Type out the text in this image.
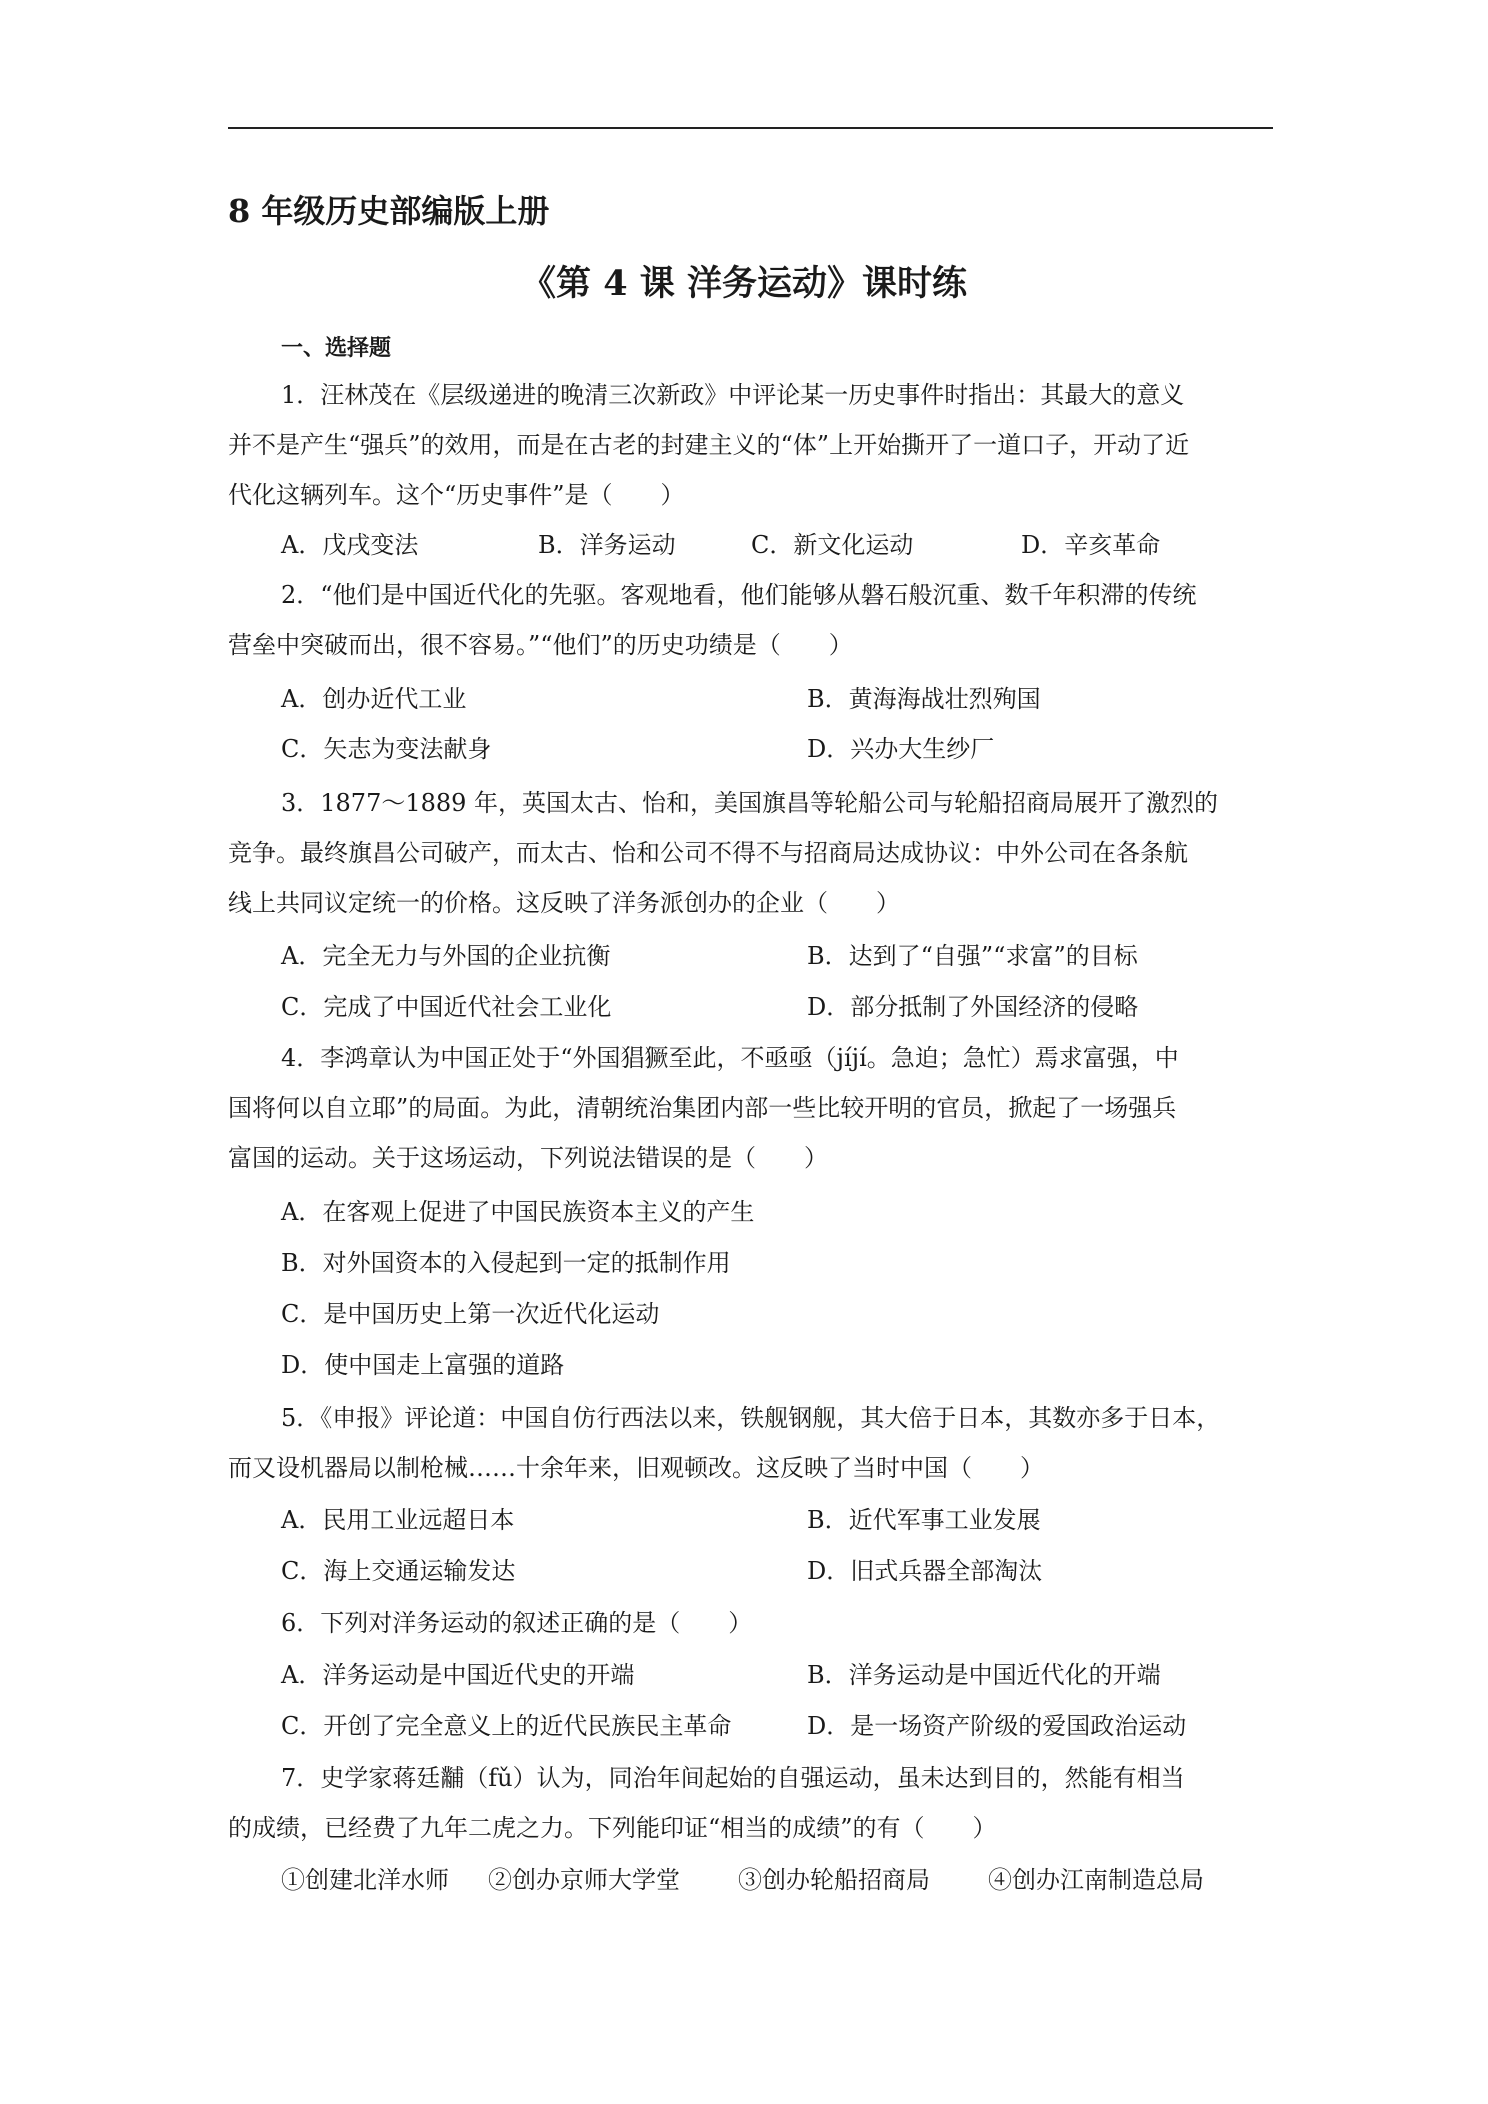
8 年级历史部编版上册
《第 4 课 洋务运动》课时练
一、选择题
1．汪林茂在《层级递进的晚清三次新政》中评论某一历史事件时指出：其最大的意义
并不是产生“强兵”的效用，而是在古老的封建主义的“体”上开始撕开了一道口子，开动了近
代化这辆列车。这个“历史事件”是（　　）
A．戊戌变法	B．洋务运动	C．新文化运动	D．辛亥革命
2．“他们是中国近代化的先驱。客观地看，他们能够从磐石般沉重、数千年积滞的传统
营垒中突破而出，很不容易。”“他们”的历史功绩是（　　）
A．创办近代工业	B．黄海海战壮烈殉国
C．矢志为变法献身	D．兴办大生纱厂
3．1877～1889 年，英国太古、怡和，美国旗昌等轮船公司与轮船招商局展开了激烈的
竞争。最终旗昌公司破产，而太古、怡和公司不得不与招商局达成协议：中外公司在各条航
线上共同议定统一的价格。这反映了洋务派创办的企业（　　）
A．完全无力与外国的企业抗衡	B．达到了“自强”“求富”的目标
C．完成了中国近代社会工业化	D．部分抵制了外国经济的侵略
4．李鸿章认为中国正处于“外国猖獗至此，不亟亟（jíjí。急迫；急忙）焉求富强，中
国将何以自立耶”的局面。为此，清朝统治集团内部一些比较开明的官员，掀起了一场强兵
富国的运动。关于这场运动，下列说法错误的是（　　）
A．在客观上促进了中国民族资本主义的产生
B．对外国资本的入侵起到一定的抵制作用
C．是中国历史上第一次近代化运动
D．使中国走上富强的道路
5．《申报》评论道：中国自仿行西法以来，铁舰钢舰，其大倍于日本，其数亦多于日本，
而又设机器局以制枪械……十余年来，旧观顿改。这反映了当时中国（　　）
A．民用工业远超日本	B．近代军事工业发展
C．海上交通运输发达	D．旧式兵器全部淘汰
6．下列对洋务运动的叙述正确的是（　　）
A．洋务运动是中国近代史的开端	B．洋务运动是中国近代化的开端
C．开创了完全意义上的近代民族民主革命	D．是一场资产阶级的爱国政治运动
7．史学家蒋廷黼（fǔ）认为，同治年间起始的自强运动，虽未达到目的，然能有相当
的成绩，已经费了九年二虎之力。下列能印证“相当的成绩”的有（　　）
①创建北洋水师 ②创办京师大学堂 ③创办轮船招商局 ④创办江南制造总局
